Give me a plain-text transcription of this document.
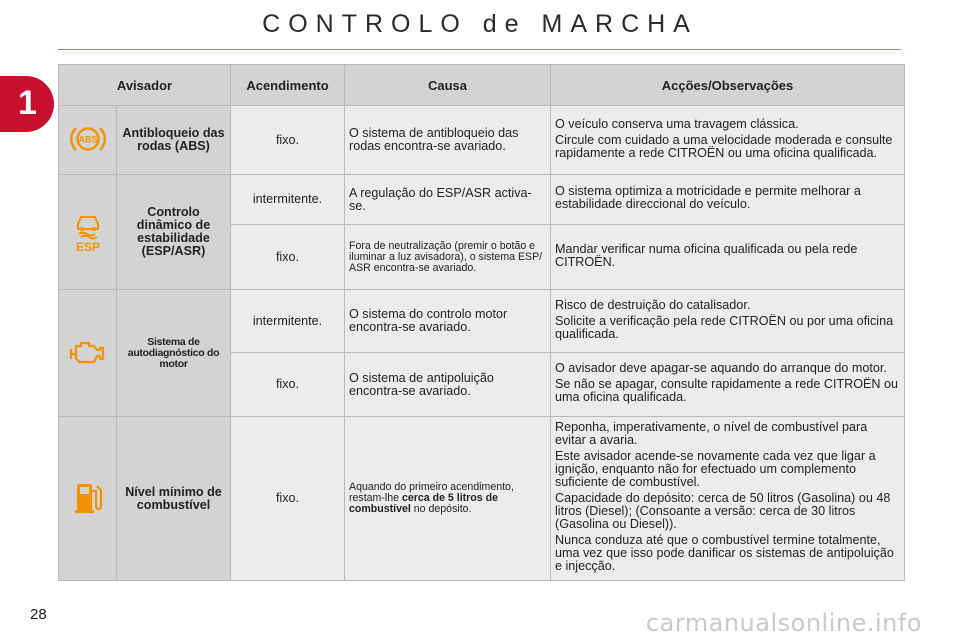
CONTROLO de MARCHA
1	Avisador		Acendimento	Causa	Acções/Observações

ABS	Antibloqueio das rodas (ABS)	fixo.	O sistema de antibloqueio das rodas encontra-se avariado.	O veículo conserva uma travagem clássica.

Circule com cuidado a uma velocidade moderada e consulte rapidamente a rede CITROËN ou uma oficina qualificada.

ESP	Controlo dinâmico de estabilidade (ESP/ASR)	intermitente.	A regulação do ESP/ASR activa-se.	O sistema optimiza a motricidade e permite melhorar a estabilidade direccional do veículo.

		fixo.	Fora de neutralização (premir o botão e iluminar a luz avisadora), o sistema ESP/ ASR encontra-se avariado.	Mandar verificar numa oficina qualificada ou pela rede CITROËN.

	Sistema de autodiagnóstico do motor	intermitente.	O sistema do controlo motor encontra-se avariado.	Risco de destruição do catalisador.

Solicite a verificação pela rede CITROËN ou por uma oficina qualificada.

		fixo.	O sistema de antipoluição encontra-se avariado.	O avisador deve apagar-se aquando do arranque do motor.

Se não se apagar, consulte rapidamente a rede CITROËN ou uma oficina qualificada.

	Nível mínimo de combustível	fixo.	Aquando do primeiro acendimento, restam-lhe cerca de 5 litros de combustível no depósito.	Reponha, imperativamente, o nível de combustível para evitar a avaria.

Este avisador acende-se novamente cada vez que ligar a ignição, enquanto não for efectuado um complemento suficiente de combustível.

Capacidade do depósito: cerca de 50 litros (Gasolina) ou 48 litros (Diesel); (Consoante a versão: cerca de 30 litros (Gasolina ou Diesel)).

Nunca conduza até que o combustível termine totalmente, uma vez que isso pode danificar os sistemas de antipoluição e injecção.

28	carmanualsonline.info
